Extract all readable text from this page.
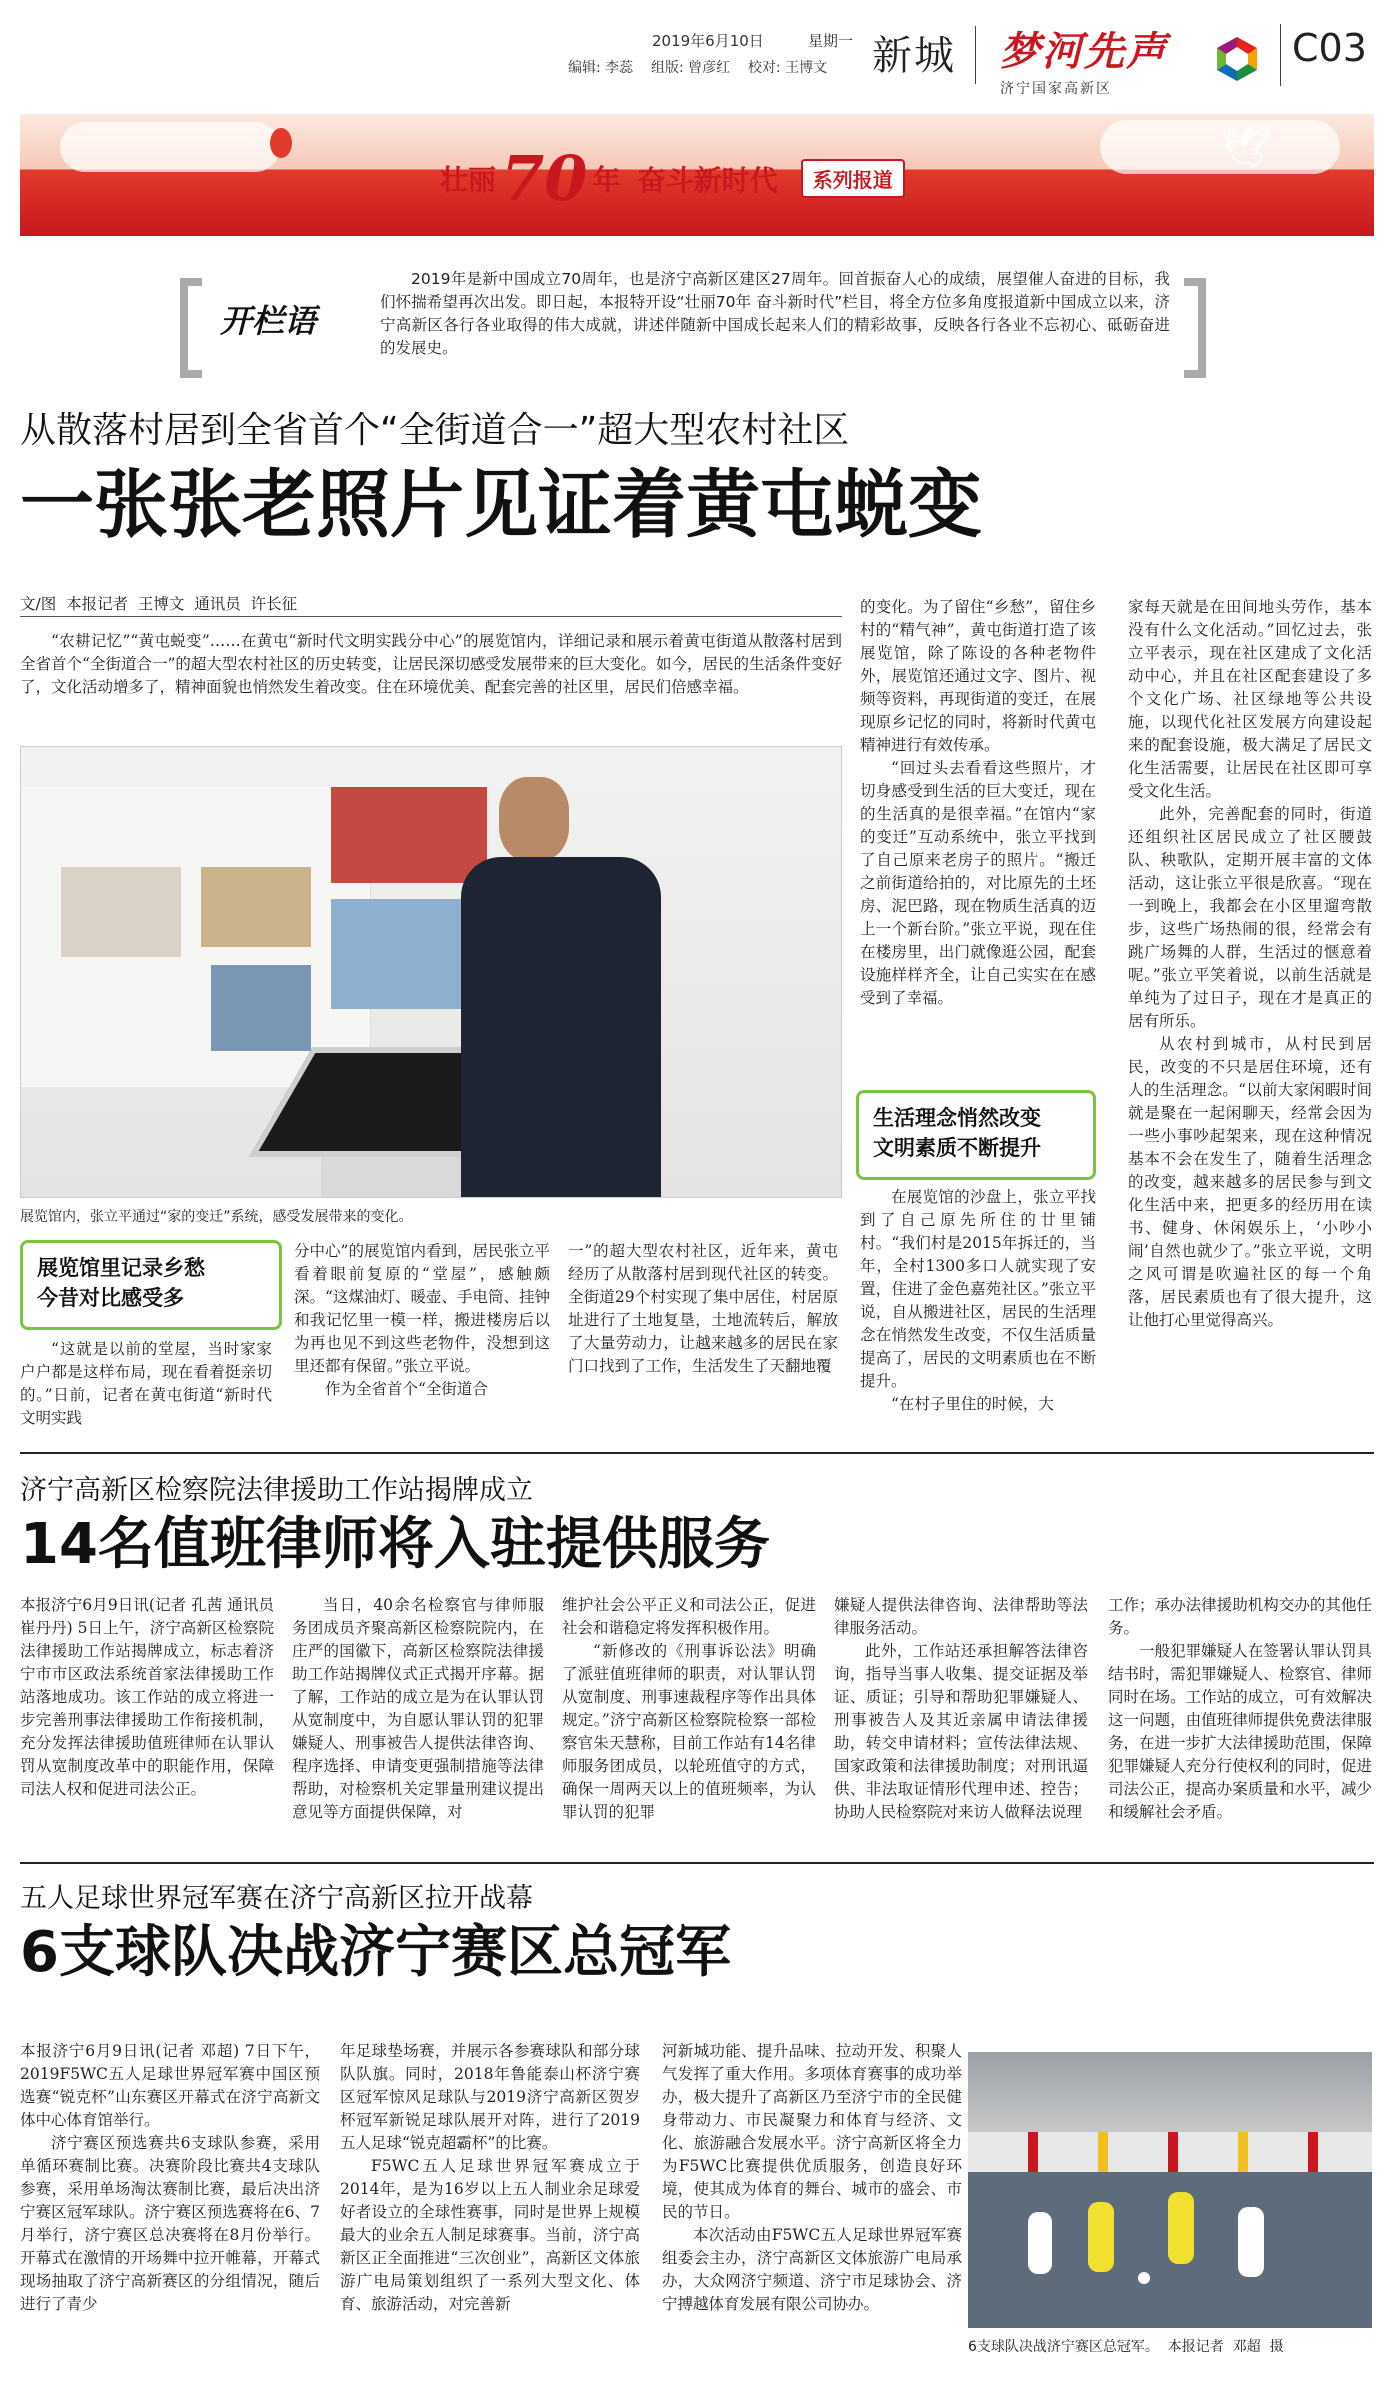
2019年6月10日	星期一
编辑: 李蕊    组版: 曾彦红    校对: 王博文 新城 梦河先声
济宁国家高新区
C03
🕊
壮丽 70 年 奋斗新时代 系列报道
开栏语
2019年是新中国成立70周年，也是济宁高新区建区27周年。回首振奋人心的成绩，展望催人奋进的目标，我们怀揣希望再次出发。即日起，本报特开设“壮丽70年 奋斗新时代”栏目，将全方位多角度报道新中国成立以来，济宁高新区各行各业取得的伟大成就，讲述伴随新中国成长起来人们的精彩故事，反映各行各业不忘初心、砥砺奋进的发展史。
从散落村居到全省首个“全街道合一”超大型农村社区
一张张老照片见证着黄屯蜕变
文/图  本报记者  王博文  通讯员  许长征
“农耕记忆”“黄屯蜕变”……在黄屯“新时代文明实践分中心”的展览馆内，详细记录和展示着黄屯街道从散落村居到全省首个“全街道合一”的超大型农村社区的历史转变，让居民深切感受发展带来的巨大变化。如今，居民的生活条件变好了，文化活动增多了，精神面貌也悄然发生着改变。住在环境优美、配套完善的社区里，居民们倍感幸福。
展览馆内，张立平通过“家的变迁”系统，感受发展带来的变化。
展览馆里记录乡愁
今昔对比感受多

“这就是以前的堂屋，当时家家户户都是这样布局，现在看着挺亲切的。”日前，记者在黄屯街道“新时代文明实践

分中心”的展览馆内看到，居民张立平看着眼前复原的“堂屋”，感触颇深。“这煤油灯、暖壶、手电筒、挂钟和我记忆里一模一样，搬进楼房后以为再也见不到这些老物件，没想到这里还都有保留。”张立平说。

作为全省首个“全街道合

一”的超大型农村社区，近年来，黄屯经历了从散落村居到现代社区的转变。全街道29个村实现了集中居住，村居原址进行了土地复垦，土地流转后，解放了大量劳动力，让越来越多的居民在家门口找到了工作，生活发生了天翻地覆

的变化。为了留住“乡愁”，留住乡村的“精气神”，黄屯街道打造了该展览馆，除了陈设的各种老物件外，展览馆还通过文字、图片、视频等资料，再现街道的变迁，在展现原乡记忆的同时，将新时代黄屯精神进行有效传承。

“回过头去看看这些照片，才切身感受到生活的巨大变迁，现在的生活真的是很幸福。”在馆内“家的变迁”互动系统中，张立平找到了自己原来老房子的照片。“搬迁之前街道给拍的，对比原先的土坯房、泥巴路，现在物质生活真的迈上一个新台阶。”张立平说，现在住在楼房里，出门就像逛公园，配套设施样样齐全，让自己实实在在感受到了幸福。

生活理念悄然改变
文明素质不断提升

在展览馆的沙盘上，张立平找到了自己原先所住的廿里铺村。“我们村是2015年拆迁的，当年，全村1300多口人就实现了安置，住进了金色嘉苑社区。”张立平说，自从搬进社区，居民的生活理念在悄然发生改变，不仅生活质量提高了，居民的文明素质也在不断提升。

“在村子里住的时候，大

家每天就是在田间地头劳作，基本没有什么文化活动。”回忆过去，张立平表示，现在社区建成了文化活动中心，并且在社区配套建设了多个文化广场、社区绿地等公共设施，以现代化社区发展方向建设起来的配套设施，极大满足了居民文化生活需要，让居民在社区即可享受文化生活。

此外，完善配套的同时，街道还组织社区居民成立了社区腰鼓队、秧歌队，定期开展丰富的文体活动，这让张立平很是欣喜。“现在一到晚上，我都会在小区里遛弯散步，这些广场热闹的很，经常会有跳广场舞的人群，生活过的惬意着呢。”张立平笑着说，以前生活就是单纯为了过日子，现在才是真正的居有所乐。

从农村到城市，从村民到居民，改变的不只是居住环境，还有人的生活理念。“以前大家闲暇时间就是聚在一起闲聊天，经常会因为一些小事吵起架来，现在这种情况基本不会在发生了，随着生活理念的改变，越来越多的居民参与到文化生活中来，把更多的经历用在读书、健身、休闲娱乐上，‘小吵小闹’自然也就少了。”张立平说，文明之风可谓是吹遍社区的每一个角落，居民素质也有了很大提升，这让他打心里觉得高兴。

济宁高新区检察院法律援助工作站揭牌成立
14名值班律师将入驻提供服务

本报济宁6月9日讯(记者 孔茜 通讯员 崔丹丹) 5日上午，济宁高新区检察院法律援助工作站揭牌成立，标志着济宁市市区政法系统首家法律援助工作站落地成功。该工作站的成立将进一步完善刑事法律援助工作衔接机制，充分发挥法律援助值班律师在认罪认罚从宽制度改革中的职能作用，保障司法人权和促进司法公正。

当日，40余名检察官与律师服务团成员齐聚高新区检察院院内，在庄严的国徽下，高新区检察院法律援助工作站揭牌仪式正式揭开序幕。据了解，工作站的成立是为在认罪认罚从宽制度中，为自愿认罪认罚的犯罪嫌疑人、刑事被告人提供法律咨询、程序选择、申请变更强制措施等法律帮助，对检察机关定罪量刑建议提出意见等方面提供保障，对

维护社会公平正义和司法公正，促进社会和谐稳定将发挥积极作用。

“新修改的《刑事诉讼法》明确了派驻值班律师的职责，对认罪认罚从宽制度、刑事速裁程序等作出具体规定。”济宁高新区检察院检察一部检察官朱天慧称，目前工作站有14名律师服务团成员，以轮班值守的方式，确保一周两天以上的值班频率，为认罪认罚的犯罪

嫌疑人提供法律咨询、法律帮助等法律服务活动。

此外，工作站还承担解答法律咨询，指导当事人收集、提交证据及举证、质证；引导和帮助犯罪嫌疑人、刑事被告人及其近亲属申请法律援助，转交申请材料；宣传法律法规、国家政策和法律援助制度；对刑讯逼供、非法取证情形代理申述、控告；协助人民检察院对来访人做释法说理

工作；承办法律援助机构交办的其他任务。

一般犯罪嫌疑人在签署认罪认罚具结书时，需犯罪嫌疑人、检察官、律师同时在场。工作站的成立，可有效解决这一问题，由值班律师提供免费法律服务，在进一步扩大法律援助范围，保障犯罪嫌疑人充分行使权利的同时，促进司法公正，提高办案质量和水平，减少和缓解社会矛盾。

五人足球世界冠军赛在济宁高新区拉开战幕
6支球队决战济宁赛区总冠军

本报济宁6月9日讯(记者 邓超) 7日下午，2019F5WC五人足球世界冠军赛中国区预选赛“锐克杯”山东赛区开幕式在济宁高新文体中心体育馆举行。

济宁赛区预选赛共6支球队参赛，采用单循环赛制比赛。决赛阶段比赛共4支球队参赛，采用单场淘汰赛制比赛，最后决出济宁赛区冠军球队。济宁赛区预选赛将在6、7月举行，济宁赛区总决赛将在8月份举行。开幕式在激情的开场舞中拉开帷幕，开幕式现场抽取了济宁高新赛区的分组情况，随后进行了青少

年足球垫场赛，并展示各参赛球队和部分球队队旗。同时，2018年鲁能泰山杯济宁赛区冠军惊风足球队与2019济宁高新区贺岁杯冠军新锐足球队展开对阵，进行了2019五人足球“锐克超霸杯”的比赛。

F5WC五人足球世界冠军赛成立于2014年，是为16岁以上五人制业余足球爱好者设立的全球性赛事，同时是世界上规模最大的业余五人制足球赛事。当前，济宁高新区正全面推进“三次创业”，高新区文体旅游广电局策划组织了一系列大型文化、体育、旅游活动，对完善新

河新城功能、提升品味、拉动开发、积聚人气发挥了重大作用。多项体育赛事的成功举办，极大提升了高新区乃至济宁市的全民健身带动力、市民凝聚力和体育与经济、文化、旅游融合发展水平。济宁高新区将全力为F5WC比赛提供优质服务，创造良好环境，使其成为体育的舞台、城市的盛会、市民的节日。

本次活动由F5WC五人足球世界冠军赛组委会主办，济宁高新区文体旅游广电局承办，大众网济宁频道、济宁市足球协会、济宁搏越体育发展有限公司协办。

6支球队决战济宁赛区总冠军。  本报记者  邓超  摄
